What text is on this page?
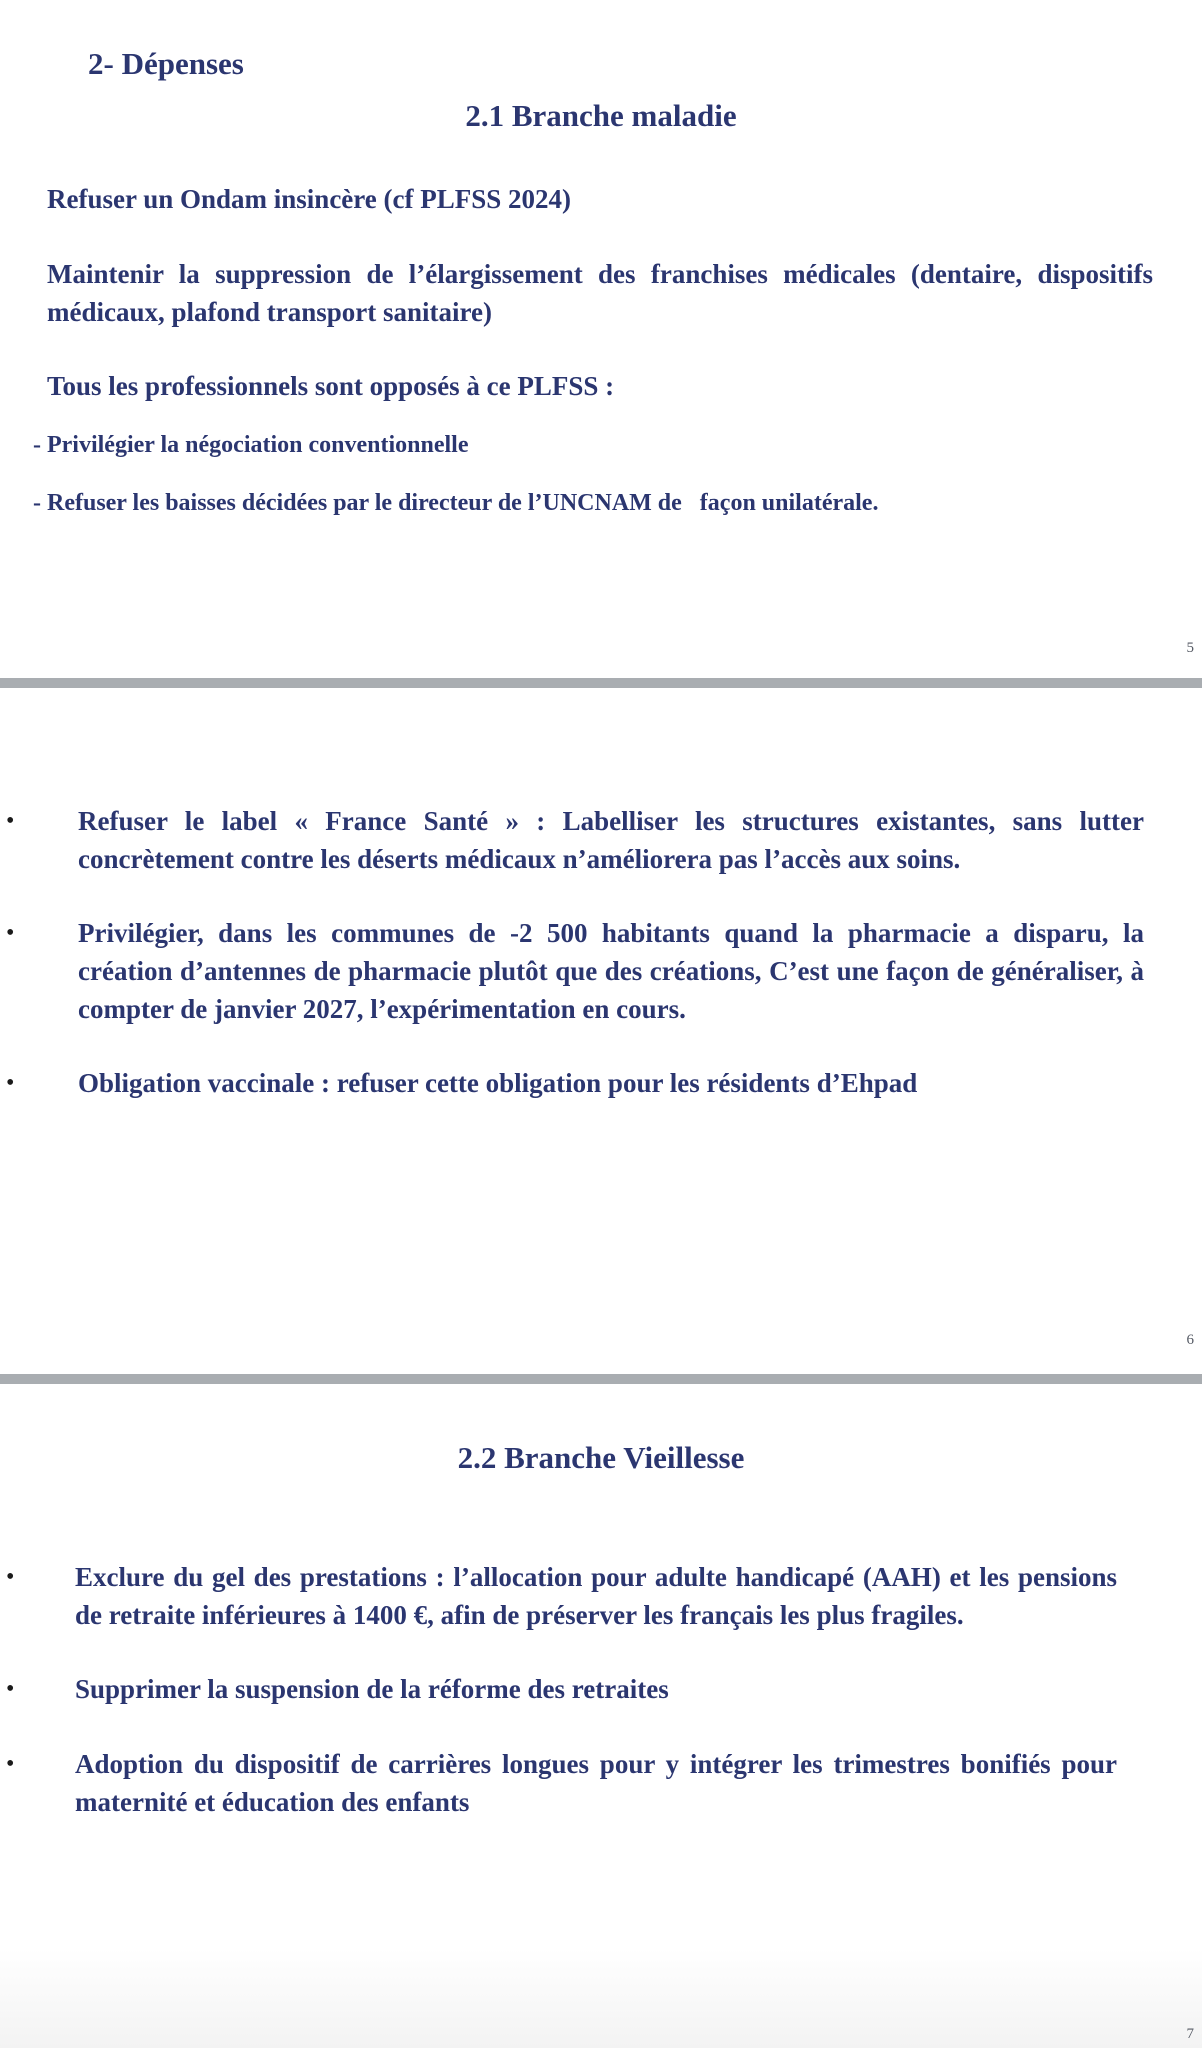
2- Dépenses
2.1 Branche maladie
Refuser un Ondam insincère (cf PLFSS 2024)
Maintenir la suppression de l’élargissement des franchises médicales (dentaire, dispositifs médicaux, plafond transport sanitaire)
Tous les professionnels sont opposés à ce PLFSS :
- Privilégier la négociation conventionnelle
- Refuser les baisses décidées par le directeur de l’UNCNAM de   façon unilatérale.
5
• Refuser le label « France Santé » : Labelliser les structures existantes, sans lutter concrètement contre les déserts médicaux n’améliorera pas l’accès aux soins.
• Privilégier, dans les communes de -2 500 habitants quand la pharmacie a disparu, la création d’antennes de pharmacie plutôt que des créations, C’est une façon de généraliser, à compter de janvier 2027, l’expérimentation en cours.
• Obligation vaccinale : refuser cette obligation pour les résidents d’Ehpad
6
2.2 Branche Vieillesse
• Exclure du gel des prestations : l’allocation pour adulte handicapé (AAH) et les pensions de retraite inférieures à 1400 €, afin de préserver les français les plus fragiles.
• Supprimer la suspension de la réforme des retraites
• Adoption du dispositif de carrières longues pour y intégrer les trimestres bonifiés pour maternité et éducation des enfants
7
